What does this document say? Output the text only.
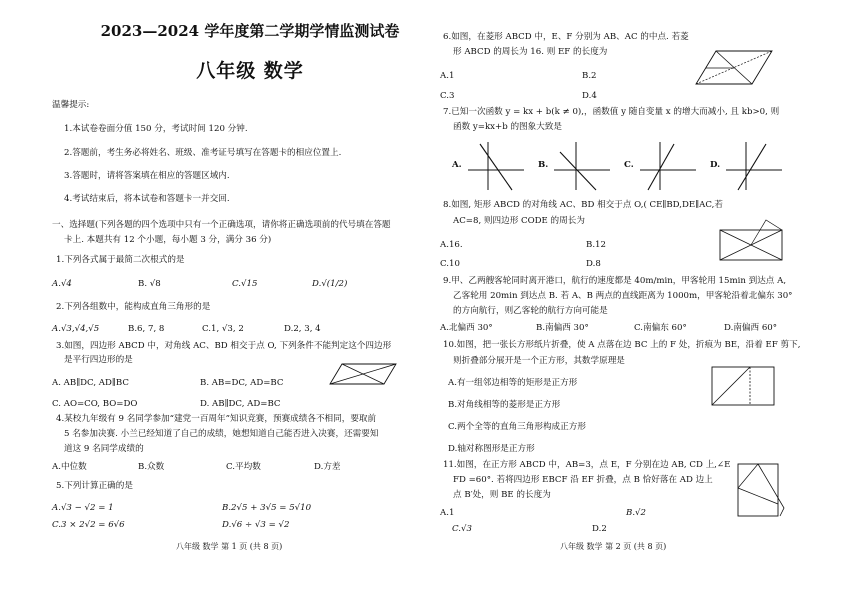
2023—2024 学年度第二学期学情监测试卷
八年级 数学
温馨提示:
1.本试卷卷面分值 150 分，考试时间 120 分钟.
2.答题前，考生务必将姓名、班级、准考证号填写在答题卡的相应位置上.
3.答题时，请将答案填在相应的答题区域内.
4.考试结束后，将本试卷和答题卡一并交回.
一、选择题(下列各题的四个选项中只有一个正确选项，请你将正确选项前的代号填在答题
卡上. 本题共有 12 个小题，每小题 3 分，满分 36 分)
1.下列各式属于最简二次根式的是
A.√4	B. √8	C.√15	D.√(1/2)
2.下列各组数中，能构成直角三角形的是
A.√3,√4,√5	B.6, 7, 8	C.1, √3, 2	D.2, 3, 4
3.如图，四边形 ABCD 中，对角线 AC、BD 相交于点 O, 下列条件不能判定这个四边形
是平行四边形的是
A. AB∥DC, AD∥BC	B. AB=DC, AD=BC
C. AO=CO, BO=DO	D. AB∥DC, AD=BC
4.某校九年级有 9 名同学参加“建党一百周年”知识竞赛，预赛成绩各不相同，要取前
5 名参加决赛. 小兰已经知道了自己的成绩，她想知道自己能否进入决赛，还需要知
道这 9 名同学成绩的
A.中位数	B.众数	C.平均数	D.方差
5.下列计算正确的是
A.√3 − √2 = 1	B.2√5 + 3√5 = 5√10
C.3 × 2√2 = 6√6	D.√6 ÷ √3 = √2
八年级 数学 第 1 页 (共 8 页)
6.如图，在菱形 ABCD 中，E、F 分别为 AB、AC 的中点. 若菱
形 ABCD 的周长为 16. 则 EF 的长度为
A.1	B.2
C.3	D.4
7.已知一次函数 y = kx + b(k ≠ 0),，函数值 y 随自变量 x 的增大而减小, 且 kb>0, 则
函数 y=kx+b 的图象大致是
A.	B.	C.	D.
8.如图, 矩形 ABCD 的对角线 AC、BD 相交于点 O,( CE∥BD,DE∥AC,若
AC=8, 则四边形 CODE 的周长为
A.16.	B.12
C.10	D.8
9.甲、乙两艘客轮同时离开港口，航行的速度都是 40m/min，甲客轮用 15min 到达点 A,
乙客轮用 20min 到达点 B. 若 A、B 两点的直线距离为 1000m，甲客轮沿着北偏东 30°
的方向航行，则乙客轮的航行方向可能是
A.北偏西 30°	B.南偏西 30°	C.南偏东 60°	D.南偏西 60°
10.如图，把一张长方形纸片折叠，使 A 点落在边 BC 上的 F 处，折痕为 BE，沿着 EF 剪下,
则折叠部分展开是一个正方形，其数学原理是
A.有一组邻边相等的矩形是正方形
B.对角线相等的菱形是正方形
C.两个全等的直角三角形构成正方形
D.轴对称图形是正方形
11.如图，在正方形 ABCD 中，AB=3，点 E，F 分别在边 AB, CD 上,∠E
FD =60°. 若将四边形 EBCF 沿 EF 折叠，点 B 恰好落在 AD 边上
点 B′处，则 BE 的长度为
A.1	B.√2
C.√3	D.2
八年级 数学 第 2 页 (共 8 页)
